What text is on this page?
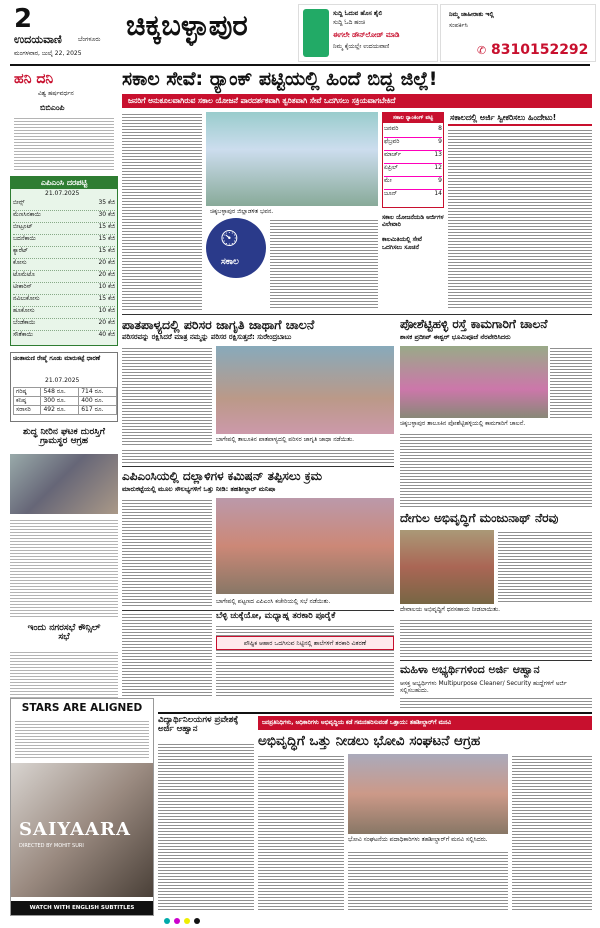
2
ಉದಯವಾಣಿ	ಬೆಂಗಳೂರು
ಮಂಗಳವಾರ, ಜುಲೈ 22, 2025
ಚಿಕ್ಕಬಳ್ಳಾಪುರ	ಸುದ್ದಿ ಓದುವ ಹೊಸ ಶೈಲಿ
ಸುದ್ದಿ ಓದಿ ಹಂಚಿ
ಈಗಲೇ ಡೌನ್‌ಲೋಡ್ ಮಾಡಿ
ನಿಮ್ಮ ಕೈಯಲ್ಲೇ ಉದಯವಾಣಿ
ನಿಮ್ಮ ಜಾಹೀರಾತು ಇಲ್ಲಿ
ಸಂಪರ್ಕಿಸಿ
✆ 8310152292
ಹನಿ ದನಿ
ವಿಶ್ವ ಹರ್ಷವರ್ಧನ
ಬಿಬಿಎಂಪಿ
ಎಪಿಎಂಸಿ ದರಪಟ್ಟಿ
21.07.2025
ಬೀನ್ಸ್	35 ಕೆಜಿ
ಮೆಣಸಿನಕಾಯಿ	30 ಕೆಜಿ
ಬೀಟ್ರೂಟ್	15 ಕೆಜಿ
ಬದನೆಕಾಯಿ	15 ಕೆಜಿ
ಕ್ಯಾರೆಟ್	15 ಕೆಜಿ
ಕೋಸು	20 ಕೆಜಿ
ಟೊಮೆಟೊ	20 ಕೆಜಿ
ಟೀಕಾರಿಸ್	10 ಕೆಜಿ
ನವಿಲುಕೋಸು	15 ಕೆಜಿ
ಹೂಕೋಸು	10 ಕೆಜಿ
ಬೆಂಡೆಕಾಯಿ	20 ಕೆಜಿ
ಸೌತೆಕಾಯಿ	40 ಕೆಜಿ
ಚಿಂತಾಮಣಿ ರೇಷ್ಮೆ ಗೂಡು ಮಾರುಕಟ್ಟೆ ಧಾರಣೆ
21.07.2025
ಗರಿಷ್ಠ	548 ರೂ.	714 ರೂ.
ಕನಿಷ್ಠ	300 ರೂ.	400 ರೂ.
ಸರಾಸರಿ	492 ರೂ.	617 ರೂ.
ಶುದ್ಧ ನೀರಿನ ಘಟಕ ದುರಸ್ತಿಗೆ ಗ್ರಾಮಸ್ಥರ ಆಗ್ರಹ
ಇಂದು ನಗರಸಭೆ ಕೌನ್ಸಿಲ್ ಸಭೆ
ಸಕಾಲ ಸೇವೆ: ರ್‍ಯಾಂಕ್ ಪಟ್ಟಿಯಲ್ಲಿ ಹಿಂದೆ ಬಿದ್ದ ಜಿಲ್ಲೆ!
ಜನರಿಗೆ ಅನುಕೂಲವಾಗಿರುವ ಸಕಾಲ ಯೋಜನೆ ಪಾರದರ್ಶಕವಾಗಿ ತ್ವರಿತವಾಗಿ ಸೇವೆ ಒದಗಿಸಲು ಸಕ್ರಿಯವಾಗಬೇಕಿದೆ
ಚಿಕ್ಕಬಳ್ಳಾಪುರ ಜಿಲ್ಲಾಡಳಿತ ಭವನ.
⏲
ಸಕಾಲ
ಸಕಾಲ ರ್‍ಯಾಂಕಿಂಗ್ ಪಟ್ಟಿ
ಜನವರಿ	8
ಫೆಬ್ರವರಿ	9
ಮಾರ್ಚ್	13
ಏಪ್ರಿಲ್	12
ಮೇ	9
ಜೂನ್	14
ಸಕಾಲ ಯೋಜನೆಯಡಿ ಅರ್ಜಿಗಳ ವಿಲೇವಾರಿ
ಕಾಲಮಿತಿಯಲ್ಲಿ ಸೇವೆ ಒದಗಿಸಲು ಸೂಚನೆ
ಸಕಾಲದಲ್ಲಿ ಅರ್ಜಿ ಸ್ವೀಕರಿಸಲು ಹಿಂದೇಟು!
ಪಾತಪಾಳ್ಯದಲ್ಲಿ ಪರಿಸರ ಜಾಗೃತಿ ಜಾಥಾಗೆ ಚಾಲನೆ
ಪರಿಸರವನ್ನು ರಕ್ಷಿಸಿದರೆ ಮಾತ್ರ ನಮ್ಮನ್ನು ಪರಿಸರ ರಕ್ಷಿಸುತ್ತದೆ: ಸುರೇಂದ್ರಬಾಬು
ಬಾಗೇಪಲ್ಲಿ ತಾಲೂಕಿನ ಪಾತಪಾಳ್ಯದಲ್ಲಿ ಪರಿಸರ ಜಾಗೃತಿ ಜಾಥಾ ನಡೆಯಿತು.
ಪೋಶೆಟ್ಟಿಹಳ್ಳಿ ರಸ್ತೆ ಕಾಮಗಾರಿಗೆ ಚಾಲನೆ
ಶಾಸಕ ಪ್ರದೀಪ್ ಈಶ್ವರ್ ಭೂಮಿಪೂಜೆ ನೆರವೇರಿಸಿದರು
ಚಿಕ್ಕಬಳ್ಳಾಪುರ ತಾಲೂಕಿನ ಪೋಶೆಟ್ಟಿಹಳ್ಳಿಯಲ್ಲಿ ಕಾಮಗಾರಿಗೆ ಚಾಲನೆ.
ಎಪಿಎಂಸಿಯಲ್ಲಿ ದಲ್ಲಾಳಿಗಳ ಕಮಿಷನ್ ತಪ್ಪಿಸಲು ಕ್ರಮ
ಮಾರುಕಟ್ಟೆಯಲ್ಲಿ ಮೂಲ ಸೌಲಭ್ಯಗಳಿಗೆ ಒತ್ತು ನೀಡಿ: ತಹಶೀಲ್ದಾರ್ ಮನಿಷಾ
ಬಾಗೇಪಲ್ಲಿ ಪಟ್ಟಣದ ಎಪಿಎಂಸಿ ಕಚೇರಿಯಲ್ಲಿ ಸಭೆ ನಡೆಯಿತು.
ದೇಗುಲ ಅಭಿವೃದ್ಧಿಗೆ ಮಂಜುನಾಥ್ ನೆರವು
ದೇವಾಲಯ ಅಭಿವೃದ್ಧಿಗೆ ಧನಸಹಾಯ ನೀಡಲಾಯಿತು.
ಬೆಳ್ಳಿ ಚುಕ್ಕೆಯೋ, ಮಧ್ಯಾಹ್ನ ತರಕಾರಿ ಪೂರೈಕೆ
ಪೌಷ್ಟಿಕ ಆಹಾರ ಒದಗಿಸುವ ನಿಟ್ಟಿನಲ್ಲಿ ಶಾಲೆಗಳಿಗೆ ತರಕಾರಿ ವಿತರಣೆ
ಮಹಿಳಾ ಅಭ್ಯರ್ಥಿಗಳಿಂದ ಅರ್ಜಿ ಆಹ್ವಾನ
ಆಸಕ್ತ ಅಭ್ಯರ್ಥಿಗಳು Multipurpose Cleaner/ Security ಹುದ್ದೆಗಳಿಗೆ ಅರ್ಜಿ ಸಲ್ಲಿಸಬಹುದು.
STARS ARE ALIGNED
SAIYAARA
DIRECTED BY MOHIT SURI
WATCH WITH ENGLISH SUBTITLES
ವಿದ್ಯಾರ್ಥಿನಿಲಯಗಳ ಪ್ರವೇಶಕ್ಕೆ ಅರ್ಜಿ ಆಹ್ವಾನ
ಜನಪ್ರತಿನಿಧಿಗಳು, ಅಧಿಕಾರಿಗಳು ಅಭಿವೃದ್ಧಿಯ ಕಡೆ ಗಮನಹರಿಸುವಂತೆ ಒತ್ತಾಯ: ತಹಶೀಲ್ದಾರ್‌ಗೆ ಮನವಿ
ಅಭಿವೃದ್ಧಿಗೆ ಒತ್ತು ನೀಡಲು ಭೋವಿ ಸಂಘಟನೆ ಆಗ್ರಹ
ಭೋವಿ ಸಂಘಟನೆಯ ಪದಾಧಿಕಾರಿಗಳು ತಹಶೀಲ್ದಾರ್‌ಗೆ ಮನವಿ ಸಲ್ಲಿಸಿದರು.
